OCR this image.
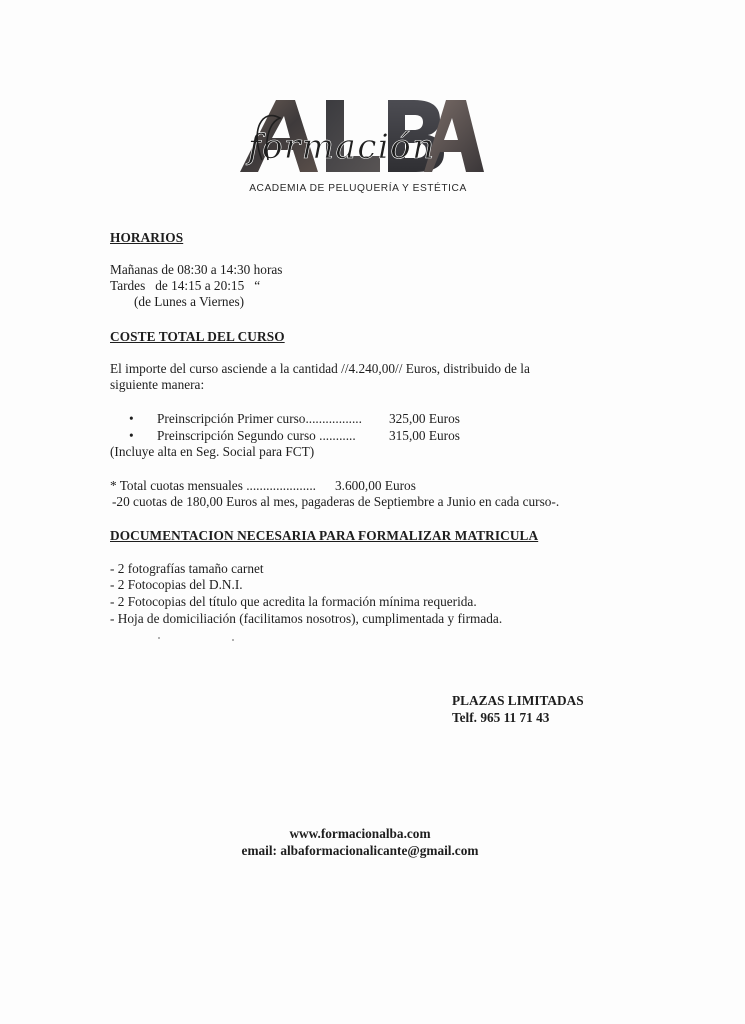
formación
ACADEMIA DE PELUQUERÍA Y ESTÉTICA
HORARIOS
Mañanas de 08:30 a 14:30 horas
Tardes   de 14:15 a 20:15   “
(de Lunes a Viernes)
COSTE TOTAL DEL CURSO
El importe del curso asciende a la cantidad //4.240,00// Euros, distribuido de la
siguiente manera:
• Preinscripción Primer curso................. 325,00 Euros
• Preinscripción Segundo curso ...........	315,00 Euros
(Incluye alta en Seg. Social para FCT)
* Total cuotas mensuales ..................... 3.600,00 Euros
-20 cuotas de 180,00 Euros al mes, pagaderas de Septiembre a Junio en cada curso-.
DOCUMENTACION NECESARIA PARA FORMALIZAR MATRICULA
- 2 fotografías tamaño carnet
- 2 Fotocopias del D.N.I.
- 2 Fotocopias del título que acredita la formación mínima requerida.
- Hoja de domiciliación (facilitamos nosotros), cumplimentada y firmada.
PLAZAS LIMITADAS
Telf. 965 11 71 43
www.formacionalba.com
email: albaformacionalicante@gmail.com
